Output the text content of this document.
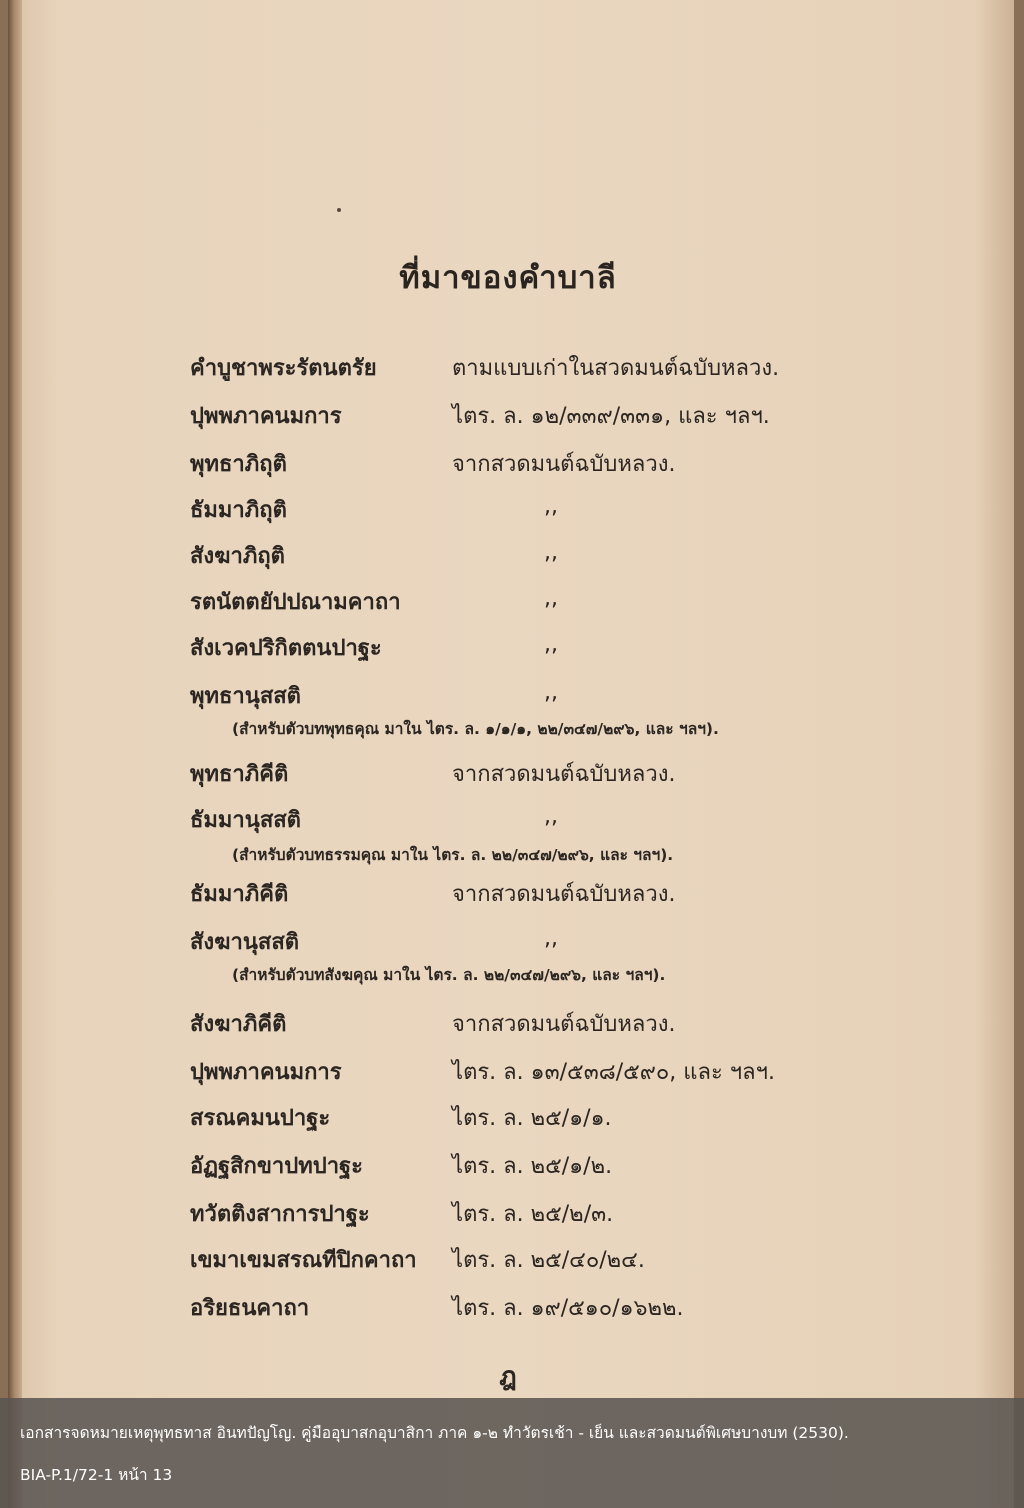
ที่มาของคำบาลี
คำบูชาพระรัตนตรัย	ตามแบบเก่าในสวดมนต์ฉบับหลวง.
ปุพพภาคนมการ	ไตร. ล. ๑๒/๓๓๙/๓๓๑, และ ฯลฯ.
พุทธาภิถุติ	จากสวดมนต์ฉบับหลวง.
ธัมมาภิถุติ	,,
สังฆาภิถุติ	,,
รตนัตตยัปปณามคาถา	,,
สังเวคปริกิตตนปาฐะ	,,
พุทธานุสสติ	,,
(สำหรับตัวบทพุทธคุณ มาใน ไตร. ล. ๑/๑/๑, ๒๒/๓๔๗/๒๙๖, และ ฯลฯ).
พุทธาภิคีติ	จากสวดมนต์ฉบับหลวง.
ธัมมานุสสติ	,,
(สำหรับตัวบทธรรมคุณ มาใน ไตร. ล. ๒๒/๓๔๗/๒๙๖, และ ฯลฯ).
ธัมมาภิคีติ	จากสวดมนต์ฉบับหลวง.
สังฆานุสสติ	,,
(สำหรับตัวบทสังฆคุณ มาใน ไตร. ล. ๒๒/๓๔๗/๒๙๖, และ ฯลฯ).
สังฆาภิคีติ	จากสวดมนต์ฉบับหลวง.
ปุพพภาคนมการ	ไตร. ล. ๑๓/๕๓๘/๕๙๐, และ ฯลฯ.
สรณคมนปาฐะ	ไตร. ล. ๒๕/๑/๑.
อัฏฐสิกขาปทปาฐะ	ไตร. ล. ๒๕/๑/๒.
ทวัตติงสาการปาฐะ	ไตร. ล. ๒๕/๒/๓.
เขมาเขมสรณทีปิกคาถา ไตร. ล. ๒๕/๔๐/๒๔.
อริยธนคาถา	ไตร. ล. ๑๙/๕๑๐/๑๖๒๒.
ฎ
เอกสารจดหมายเหตุพุทธทาส อินทปัญโญ. คู่มืออุบาสกอุบาสิกา ภาค ๑-๒ ทำวัตรเช้า - เย็น และสวดมนต์พิเศษบางบท (2530).
BIA-P.1/72-1 หน้า 13
